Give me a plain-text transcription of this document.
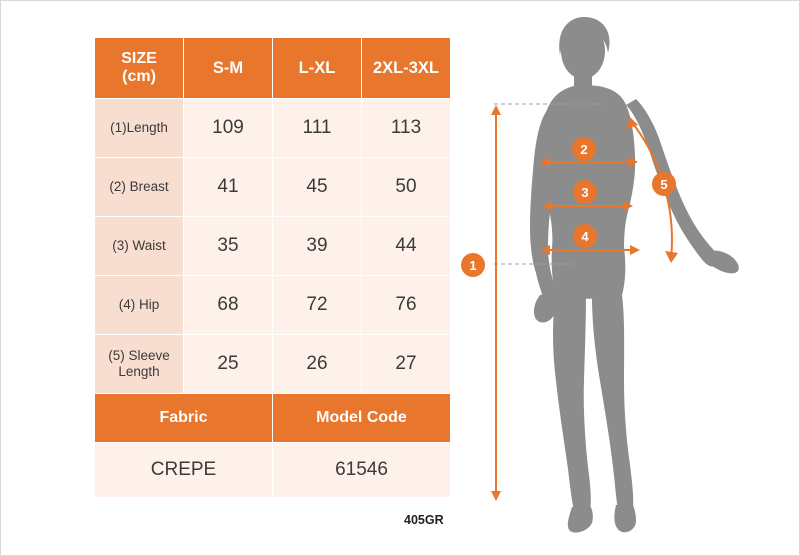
SIZE
(cm)	S-M	L-XL	2XL-3XL
(1)Length	109	111	113
(2) Breast	41	45	50
(3) Waist	35	39	44
(4) Hip	68	72	76
(5) Sleeve Length	25	26	27
Fabric		Model Code	
CREPE		61546	
405GR
1
2
3
4
5
